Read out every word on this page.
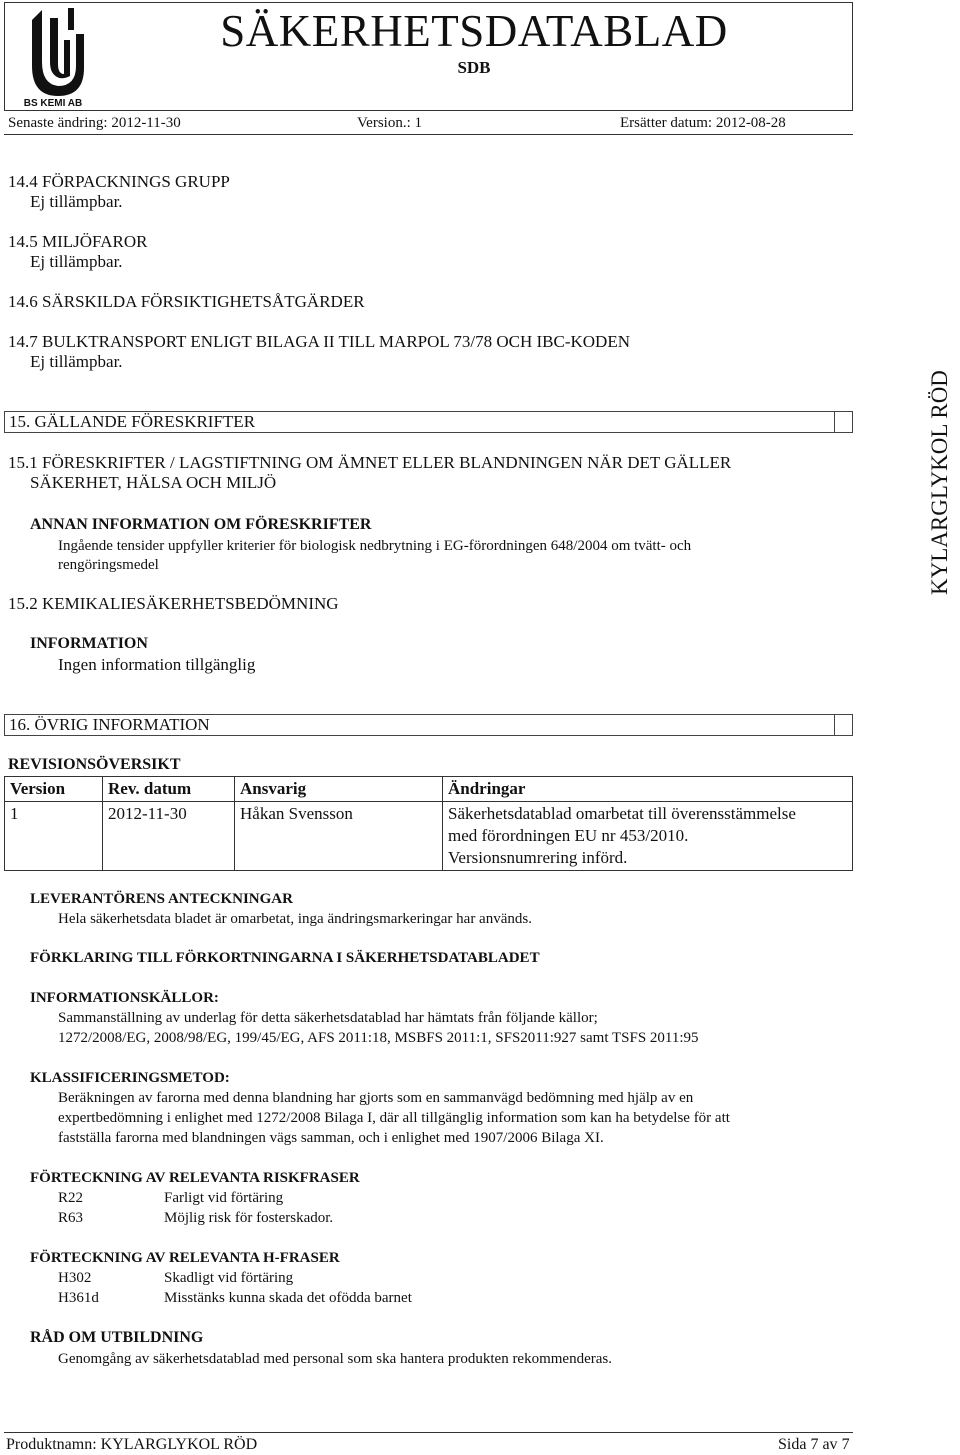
BS KEMI AB
SÄKERHETSDATABLAD
SDB
Senaste ändring: 2012-11-30	Version.: 1	Ersätter datum: 2012-08-28
14.4 FÖRPACKNINGS GRUPP
Ej tillämpbar.
14.5 MILJÖFAROR
Ej tillämpbar.
14.6 SÄRSKILDA FÖRSIKTIGHETSÅTGÄRDER
14.7 BULKTRANSPORT ENLIGT BILAGA II TILL MARPOL 73/78 OCH IBC-KODEN
Ej tillämpbar.
15. GÄLLANDE FÖRESKRIFTER
15.1 FÖRESKRIFTER / LAGSTIFTNING OM ÄMNET ELLER BLANDNINGEN NÄR DET GÄLLER
SÄKERHET, HÄLSA OCH MILJÖ
ANNAN INFORMATION OM FÖRESKRIFTER
Ingående tensider uppfyller kriterier för biologisk nedbrytning i EG-förordningen 648/2004 om tvätt- och
rengöringsmedel
15.2 KEMIKALIESÄKERHETSBEDÖMNING
INFORMATION
Ingen information tillgänglig
KYLARGLYKOL RÖD
16. ÖVRIG INFORMATION
REVISIONSÖVERSIKT
Version	Rev. datum	Ansvarig	Ändringar
1	2012-11-30	Håkan Svensson	Säkerhetsdatablad omarbetat till överensstämmelse
med förordningen EU nr 453/2010.
Versionsnumrering införd.
LEVERANTÖRENS ANTECKNINGAR
Hela säkerhetsdata bladet är omarbetat, inga ändringsmarkeringar har används.
FÖRKLARING TILL FÖRKORTNINGARNA I SÄKERHETSDATABLADET
INFORMATIONSKÄLLOR:
Sammanställning av underlag för detta säkerhetsdatablad har hämtats från följande källor;
1272/2008/EG, 2008/98/EG, 199/45/EG, AFS 2011:18, MSBFS 2011:1, SFS2011:927 samt TSFS 2011:95
KLASSIFICERINGSMETOD:
Beräkningen av farorna med denna blandning har gjorts som en sammanvägd bedömning med hjälp av en
expertbedömning i enlighet med 1272/2008 Bilaga I, där all tillgänglig information som kan ha betydelse för att
fastställa farorna med blandningen vägs samman, och i enlighet med 1907/2006 Bilaga XI.
FÖRTECKNING AV RELEVANTA RISKFRASER
R22	Farligt vid förtäring
R63	Möjlig risk för fosterskador.
FÖRTECKNING AV RELEVANTA H-FRASER
H302	Skadligt vid förtäring
H361d	Misstänks kunna skada det ofödda barnet
RÅD OM UTBILDNING
Genomgång av säkerhetsdatablad med personal som ska hantera produkten rekommenderas.
Produktnamn: KYLARGLYKOL RÖD	Sida 7 av 7
